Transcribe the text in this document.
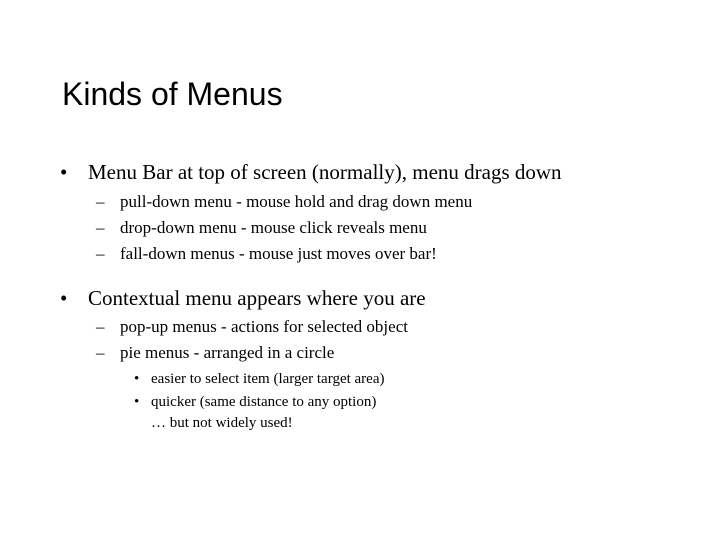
Kinds of Menus
• Menu Bar at top of screen (normally), menu drags down
– pull-down menu - mouse hold and drag down menu
– drop-down menu - mouse click reveals menu
– fall-down menus - mouse just moves over bar!
• Contextual menu appears where you are
– pop-up menus - actions for selected object
– pie menus - arranged in a circle
• easier to select item (larger target area)
• quicker (same distance to any option)
… but not widely used!
